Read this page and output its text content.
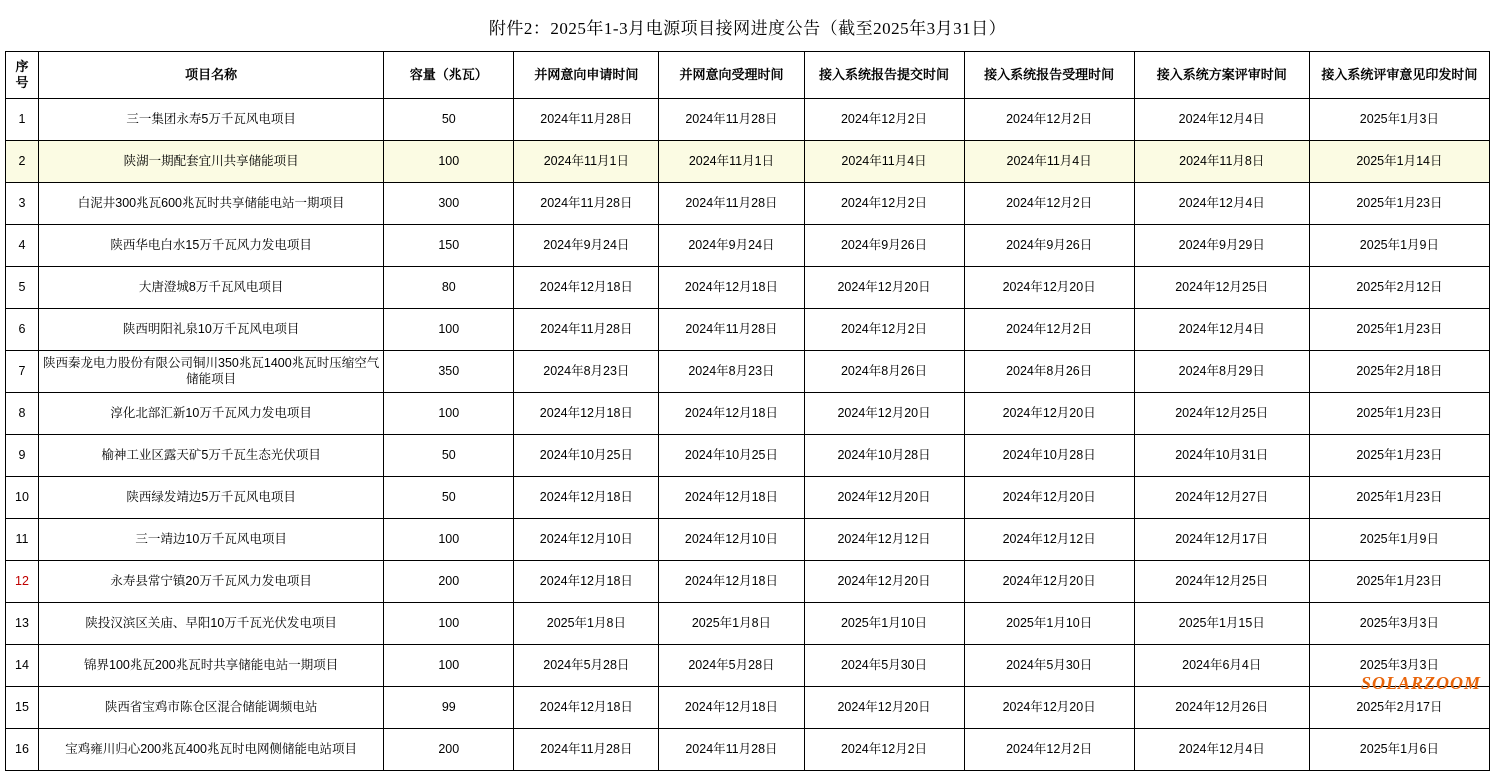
附件2：2025年1-3月电源项目接网进度公告（截至2025年3月31日）
序
号	项目名称	容量（兆瓦）	并网意向申请时间	并网意向受理时间	接入系统报告提交时间	接入系统报告受理时间	接入系统方案评审时间	接入系统评审意见印发时间
1	三一集团永寿5万千瓦风电项目	50	2024年11月28日	2024年11月28日	2024年12月2日	2024年12月2日	2024年12月4日	2025年1月3日
2	陕湖一期配套宜川共享储能项目	100	2024年11月1日	2024年11月1日	2024年11月4日	2024年11月4日	2024年11月8日	2025年1月14日
3	白泥井300兆瓦600兆瓦时共享储能电站一期项目	300	2024年11月28日	2024年11月28日	2024年12月2日	2024年12月2日	2024年12月4日	2025年1月23日
4	陕西华电白水15万千瓦风力发电项目	150	2024年9月24日	2024年9月24日	2024年9月26日	2024年9月26日	2024年9月29日	2025年1月9日
5	大唐澄城8万千瓦风电项目	80	2024年12月18日	2024年12月18日	2024年12月20日	2024年12月20日	2024年12月25日	2025年2月12日
6	陕西明阳礼泉10万千瓦风电项目	100	2024年11月28日	2024年11月28日	2024年12月2日	2024年12月2日	2024年12月4日	2025年1月23日
7	陕西秦龙电力股份有限公司铜川350兆瓦1400兆瓦时压缩空气储能项目	350	2024年8月23日	2024年8月23日	2024年8月26日	2024年8月26日	2024年8月29日	2025年2月18日
8	淳化北部汇新10万千瓦风力发电项目	100	2024年12月18日	2024年12月18日	2024年12月20日	2024年12月20日	2024年12月25日	2025年1月23日
9	榆神工业区露天矿5万千瓦生态光伏项目	50	2024年10月25日	2024年10月25日	2024年10月28日	2024年10月28日	2024年10月31日	2025年1月23日
10	陕西绿发靖边5万千瓦风电项目	50	2024年12月18日	2024年12月18日	2024年12月20日	2024年12月20日	2024年12月27日	2025年1月23日
11	三一靖边10万千瓦风电项目	100	2024年12月10日	2024年12月10日	2024年12月12日	2024年12月12日	2024年12月17日	2025年1月9日
12	永寿县常宁镇20万千瓦风力发电项目	200	2024年12月18日	2024年12月18日	2024年12月20日	2024年12月20日	2024年12月25日	2025年1月23日
13	陕投汉滨区关庙、早阳10万千瓦光伏发电项目	100	2025年1月8日	2025年1月8日	2025年1月10日	2025年1月10日	2025年1月15日	2025年3月3日
14	锦界100兆瓦200兆瓦时共享储能电站一期项目	100	2024年5月28日	2024年5月28日	2024年5月30日	2024年5月30日	2024年6月4日	2025年3月3日
15	陕西省宝鸡市陈仓区混合储能调频电站	99	2024年12月18日	2024年12月18日	2024年12月20日	2024年12月20日	2024年12月26日	2025年2月17日
16	宝鸡雍川归心200兆瓦400兆瓦时电网侧储能电站项目	200	2024年11月28日	2024年11月28日	2024年12月2日	2024年12月2日	2024年12月4日	2025年1月6日
SOLARZOOM
